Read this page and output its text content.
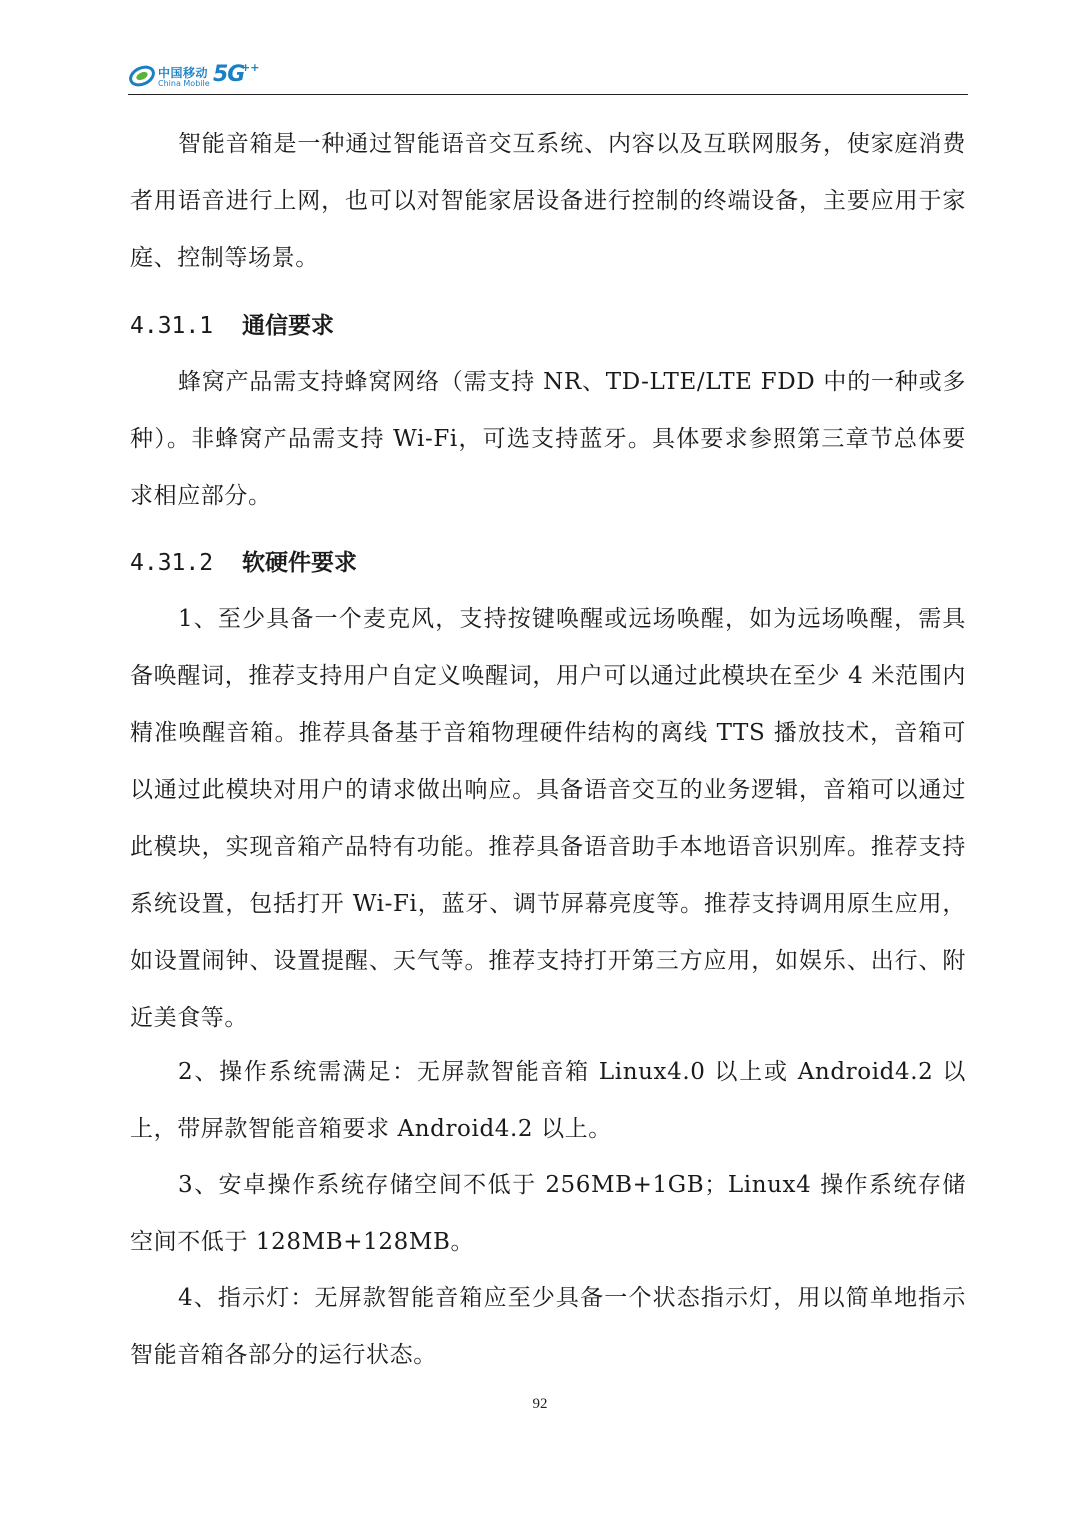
中国移动
China Mobile 5G
++

智能音箱是一种通过智能语音交互系统、内容以及互联网服务，使家庭消费者用语音进行上网，也可以对智能家居设备进行控制的终端设备，主要应用于家庭、控制等场景。

4.31.1 通信要求

蜂窝产品需支持蜂窝网络（需支持 NR、TD-LTE/LTE FDD 中的一种或多种）。非蜂窝产品需支持 Wi-Fi，可选支持蓝牙。具体要求参照第三章节总体要求相应部分。

4.31.2 软硬件要求

1、至少具备一个麦克风，支持按键唤醒或远场唤醒，如为远场唤醒，需具备唤醒词，推荐支持用户自定义唤醒词，用户可以通过此模块在至少 4 米范围内精准唤醒音箱。推荐具备基于音箱物理硬件结构的离线 TTS 播放技术，音箱可以通过此模块对用户的请求做出响应。具备语音交互的业务逻辑，音箱可以通过此模块，实现音箱产品特有功能。推荐具备语音助手本地语音识别库。推荐支持系统设置，包括打开 Wi-Fi，蓝牙、调节屏幕亮度等。推荐支持调用原生应用，如设置闹钟、设置提醒、天气等。推荐支持打开第三方应用，如娱乐、出行、附近美食等。

2、操作系统需满足：无屏款智能音箱 Linux4.0 以上或 Android4.2 以上，带屏款智能音箱要求 Android4.2 以上。

3、安卓操作系统存储空间不低于 256MB+1GB；Linux4 操作系统存储空间不低于 128MB+128MB。

4、指示灯：无屏款智能音箱应至少具备一个状态指示灯，用以简单地指示智能音箱各部分的运行状态。

92
